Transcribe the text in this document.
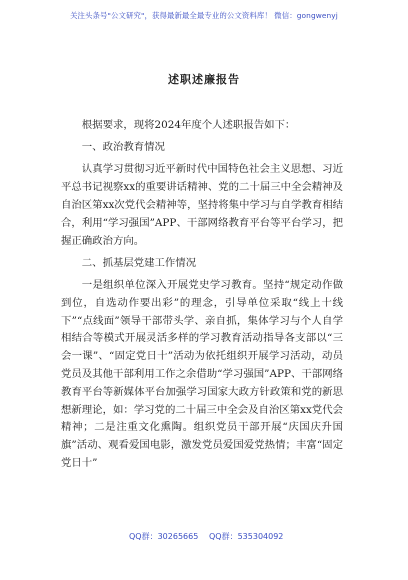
关注头条号"公文研究"，获得最新最全最专业的公文资料库！ 微信：gongwenyj
述职述廉报告

根据要求，现将2024年度个人述职报告如下：

一、政治教育情况

认真学习贯彻习近平新时代中国特色社会主义思想、习近平总书记视察xx的重要讲话精神、党的二十届三中全会精神及自治区第xx次党代会精神等，坚持将集中学习与自学教育相结合，利用“学习强国”APP、干部网络教育平台等平台学习，把握正确政治方向。

二、抓基层党建工作情况

一是组织单位深入开展党史学习教育。坚持“规定动作做到位，自选动作要出彩”的理念，引导单位采取“线上十线下”“点线面”领导干部带头学、亲自抓，集体学习与个人自学相结合等模式开展灵活多样的学习教育活动指导各支部以“三会一课”、“固定党日十”活动为依托组织开展学习活动，动员党员及其他干部利用工作之余借助“学习强国”APP、干部网络教育平台等新媒体平台加强学习国家大政方针政策和党的新思想新理论，如：学习党的二十届三中全会及自治区第xx党代会精神；二是注重文化熏陶。组织党员干部开展“庆国庆升国旗”活动、观看爱国电影，激发党员爱国爱党热情；丰富“固定党日十”

QQ群：30265665 QQ群：535304092
